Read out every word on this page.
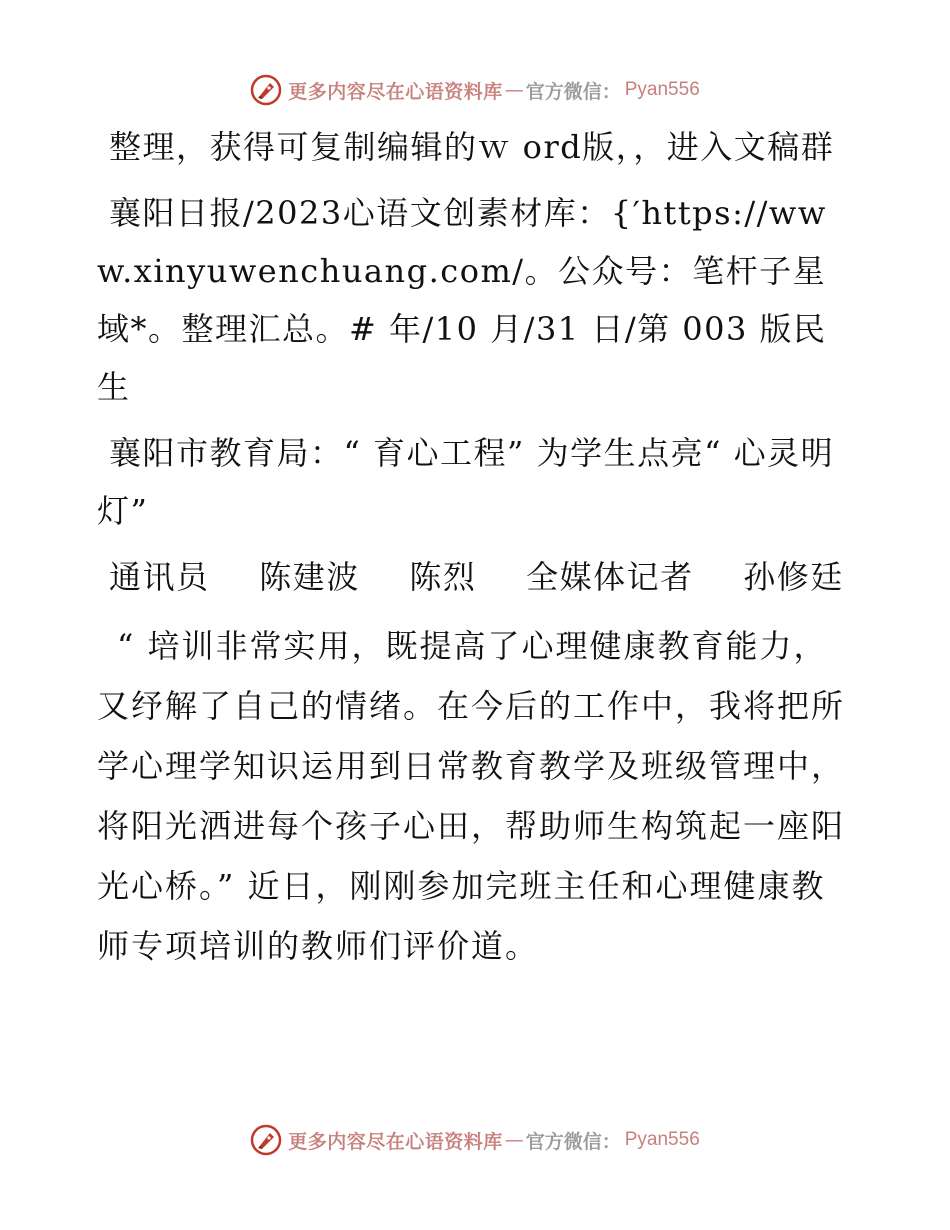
更多内容尽在心语资料库 — 官方微信： Pyan556

整理，获得可复制编辑的ｗ ord版，，进入文稿群

襄阳日报/2023心语文创素材库：{′https://www.xinyuwenchuang.com/。公众号：笔杆子星域*。整理汇总。# 年/10 月/31 日/第 003 版民生

襄阳市教育局：“ 育心工程” 为学生点亮“ 心灵明灯”

通讯员 陈建波 陈烈 全媒体记者 孙修廷

“ 培训非常实用，既提高了心理健康教育能力，又纾解了自己的情绪。在今后的工作中，我将把所学心理学知识运用到日常教育教学及班级管理中，将阳光洒进每个孩子心田，帮助师生构筑起一座阳光心桥。” 近日，刚刚参加完班主任和心理健康教师专项培训的教师们评价道。

更多内容尽在心语资料库 — 官方微信： Pyan556
